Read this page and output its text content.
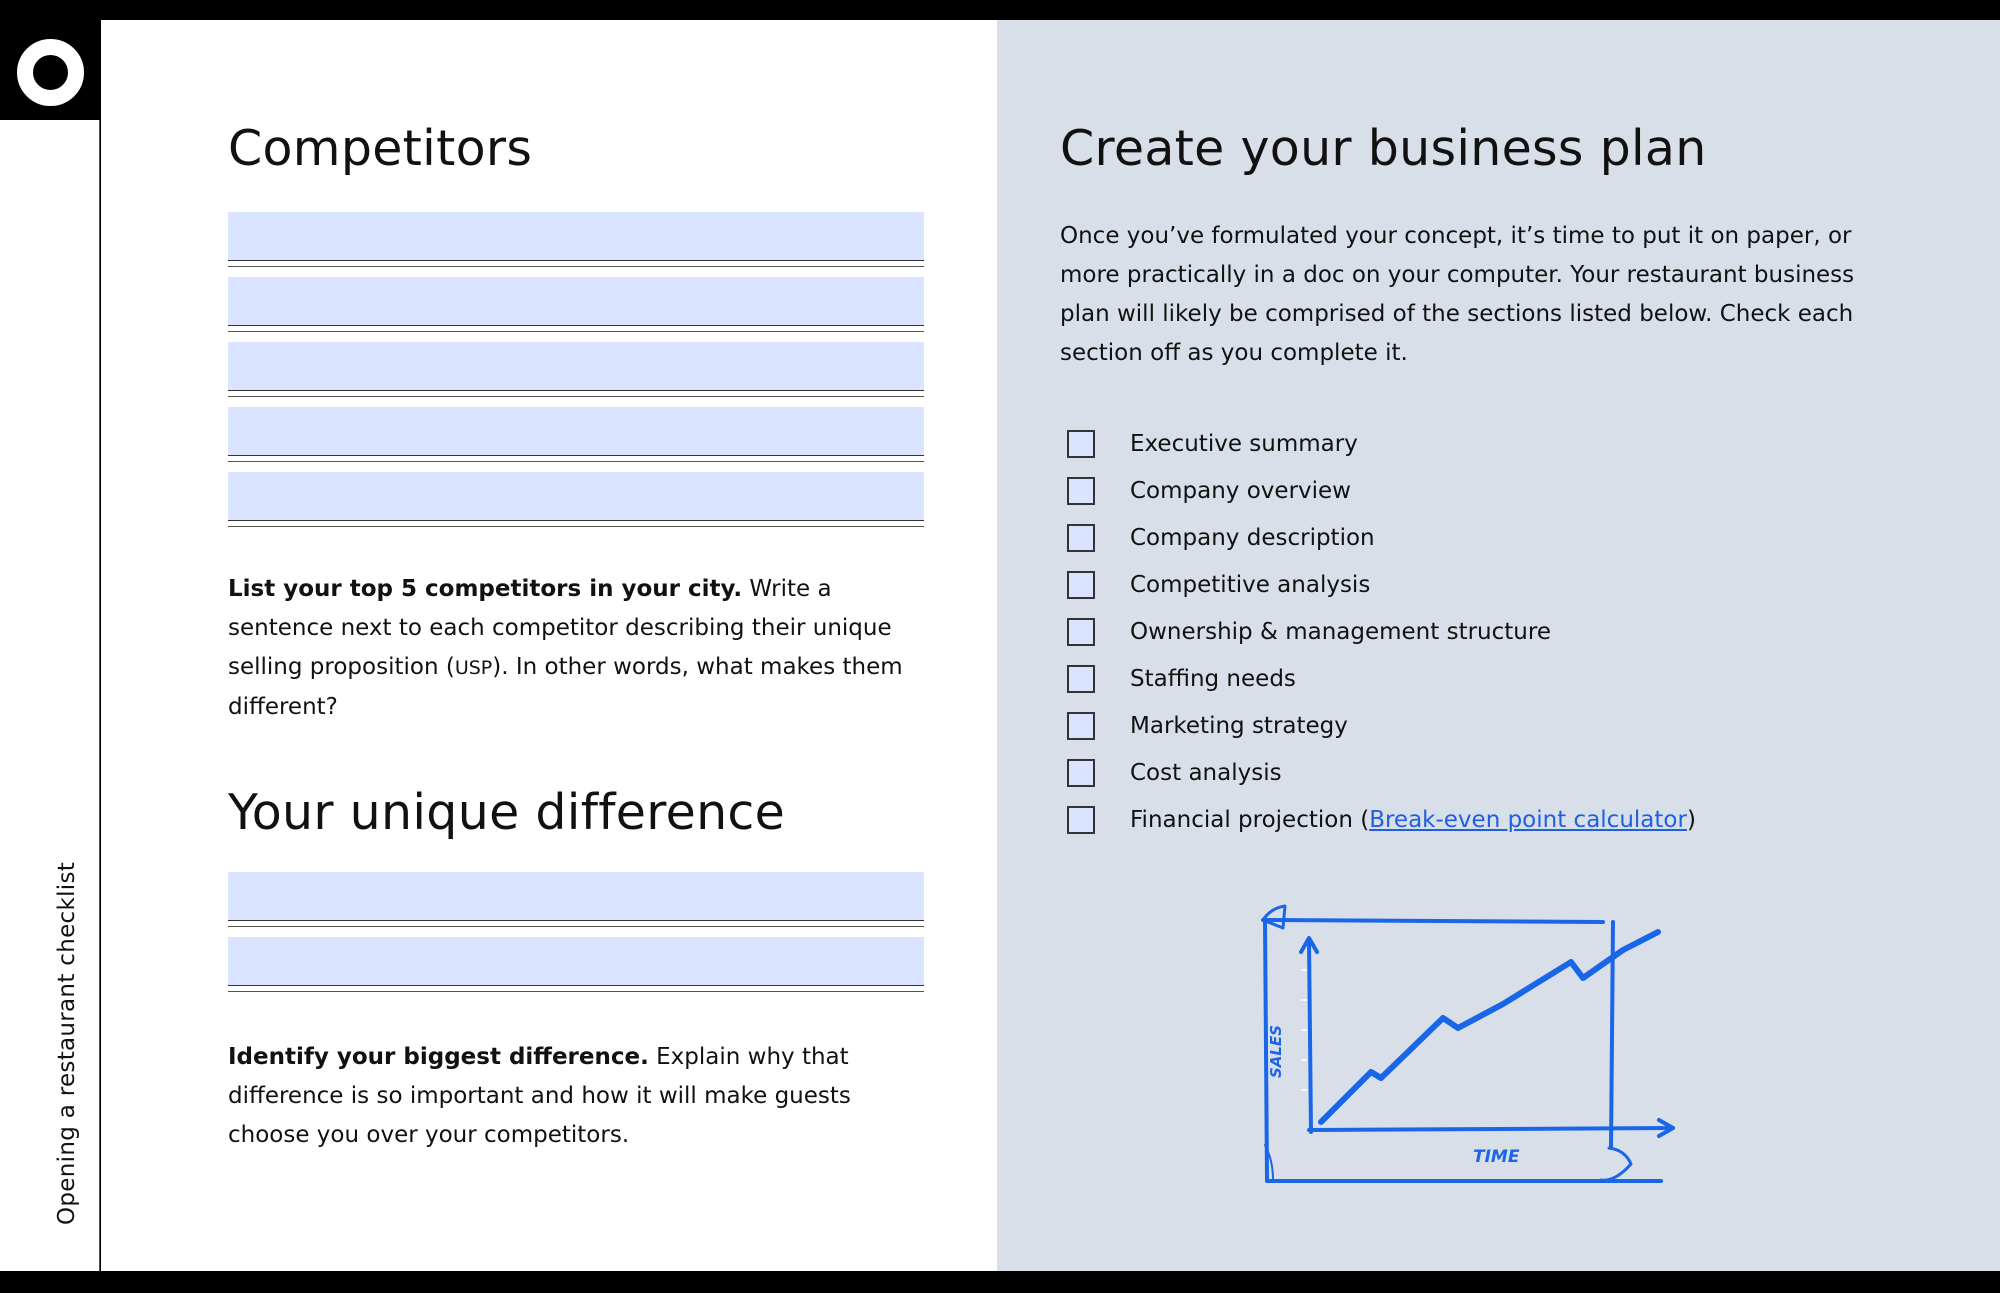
Opening a restaurant checklist
Competitors

List your top 5 competitors in your city. Write a sentence next to each competitor describing their unique selling proposition (USP). In other words, what makes them different?

Your unique difference

Identify your biggest difference. Explain why that difference is so important and how it will make guests choose you over your competitors.

Create your business plan

Once you’ve formulated your concept, it’s time to put it on paper, or more practically in a doc on your computer. Your restaurant business plan will likely be comprised of the sections listed below. Check each section off as you complete it.

Executive summary
Company overview
Company description
Competitive analysis
Ownership & management structure
Staffing needs
Marketing strategy
Cost analysis
Financial projection (Break-even point calculator)
TIME
SALES
